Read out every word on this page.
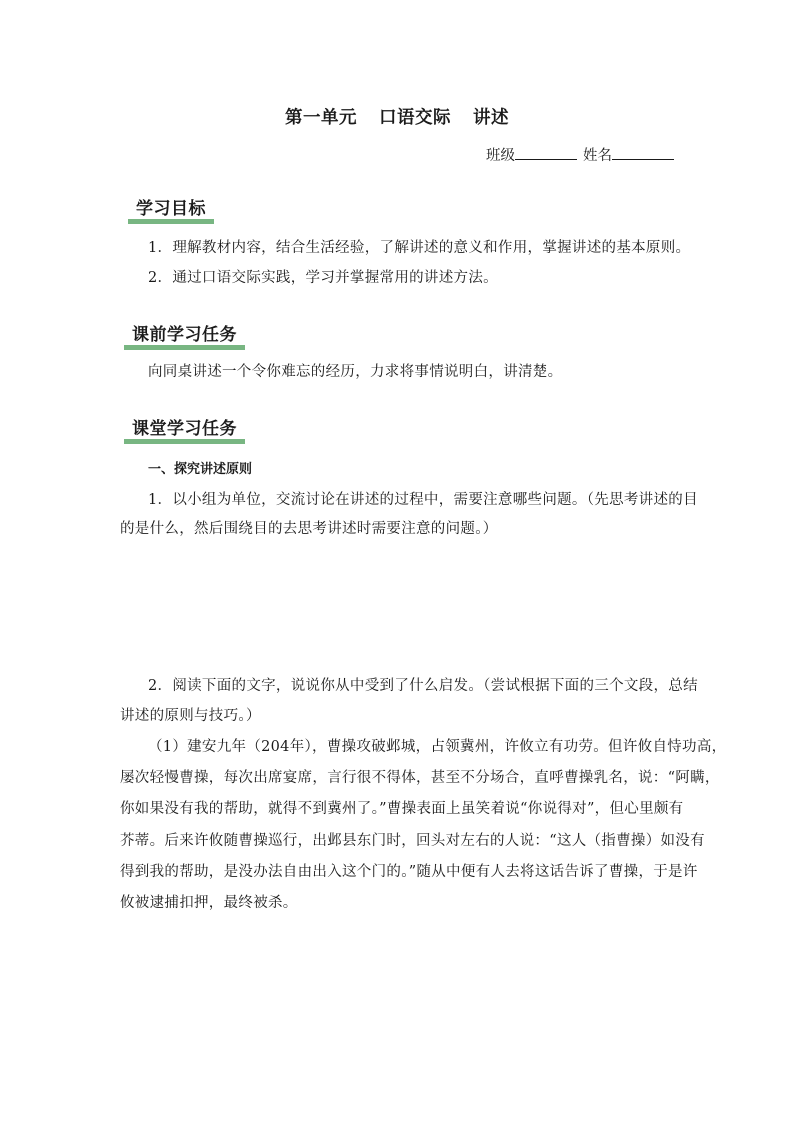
第一单元 口语交际 讲述
班级	姓名
学习目标
1．理解教材内容，结合生活经验，了解讲述的意义和作用，掌握讲述的基本原则。
2．通过口语交际实践，学习并掌握常用的讲述方法。
课前学习任务
向同桌讲述一个令你难忘的经历，力求将事情说明白，讲清楚。
课堂学习任务
一、探究讲述原则
1．以小组为单位，交流讨论在讲述的过程中，需要注意哪些问题。（先思考讲述的目
的是什么，然后围绕目的去思考讲述时需要注意的问题。）
2．阅读下面的文字，说说你从中受到了什么启发。（尝试根据下面的三个文段，总结
讲述的原则与技巧。）
（1）建安九年（204年），曹操攻破邺城，占领冀州，许攸立有功劳。但许攸自恃功高，
屡次轻慢曹操，每次出席宴席，言行很不得体，甚至不分场合，直呼曹操乳名，说：“阿瞒，
你如果没有我的帮助，就得不到冀州了。”曹操表面上虽笑着说“你说得对”，但心里颇有
芥蒂。后来许攸随曹操巡行，出邺县东门时，回头对左右的人说：“这人（指曹操）如没有
得到我的帮助，是没办法自由出入这个门的。”随从中便有人去将这话告诉了曹操，于是许
攸被逮捕扣押，最终被杀。
